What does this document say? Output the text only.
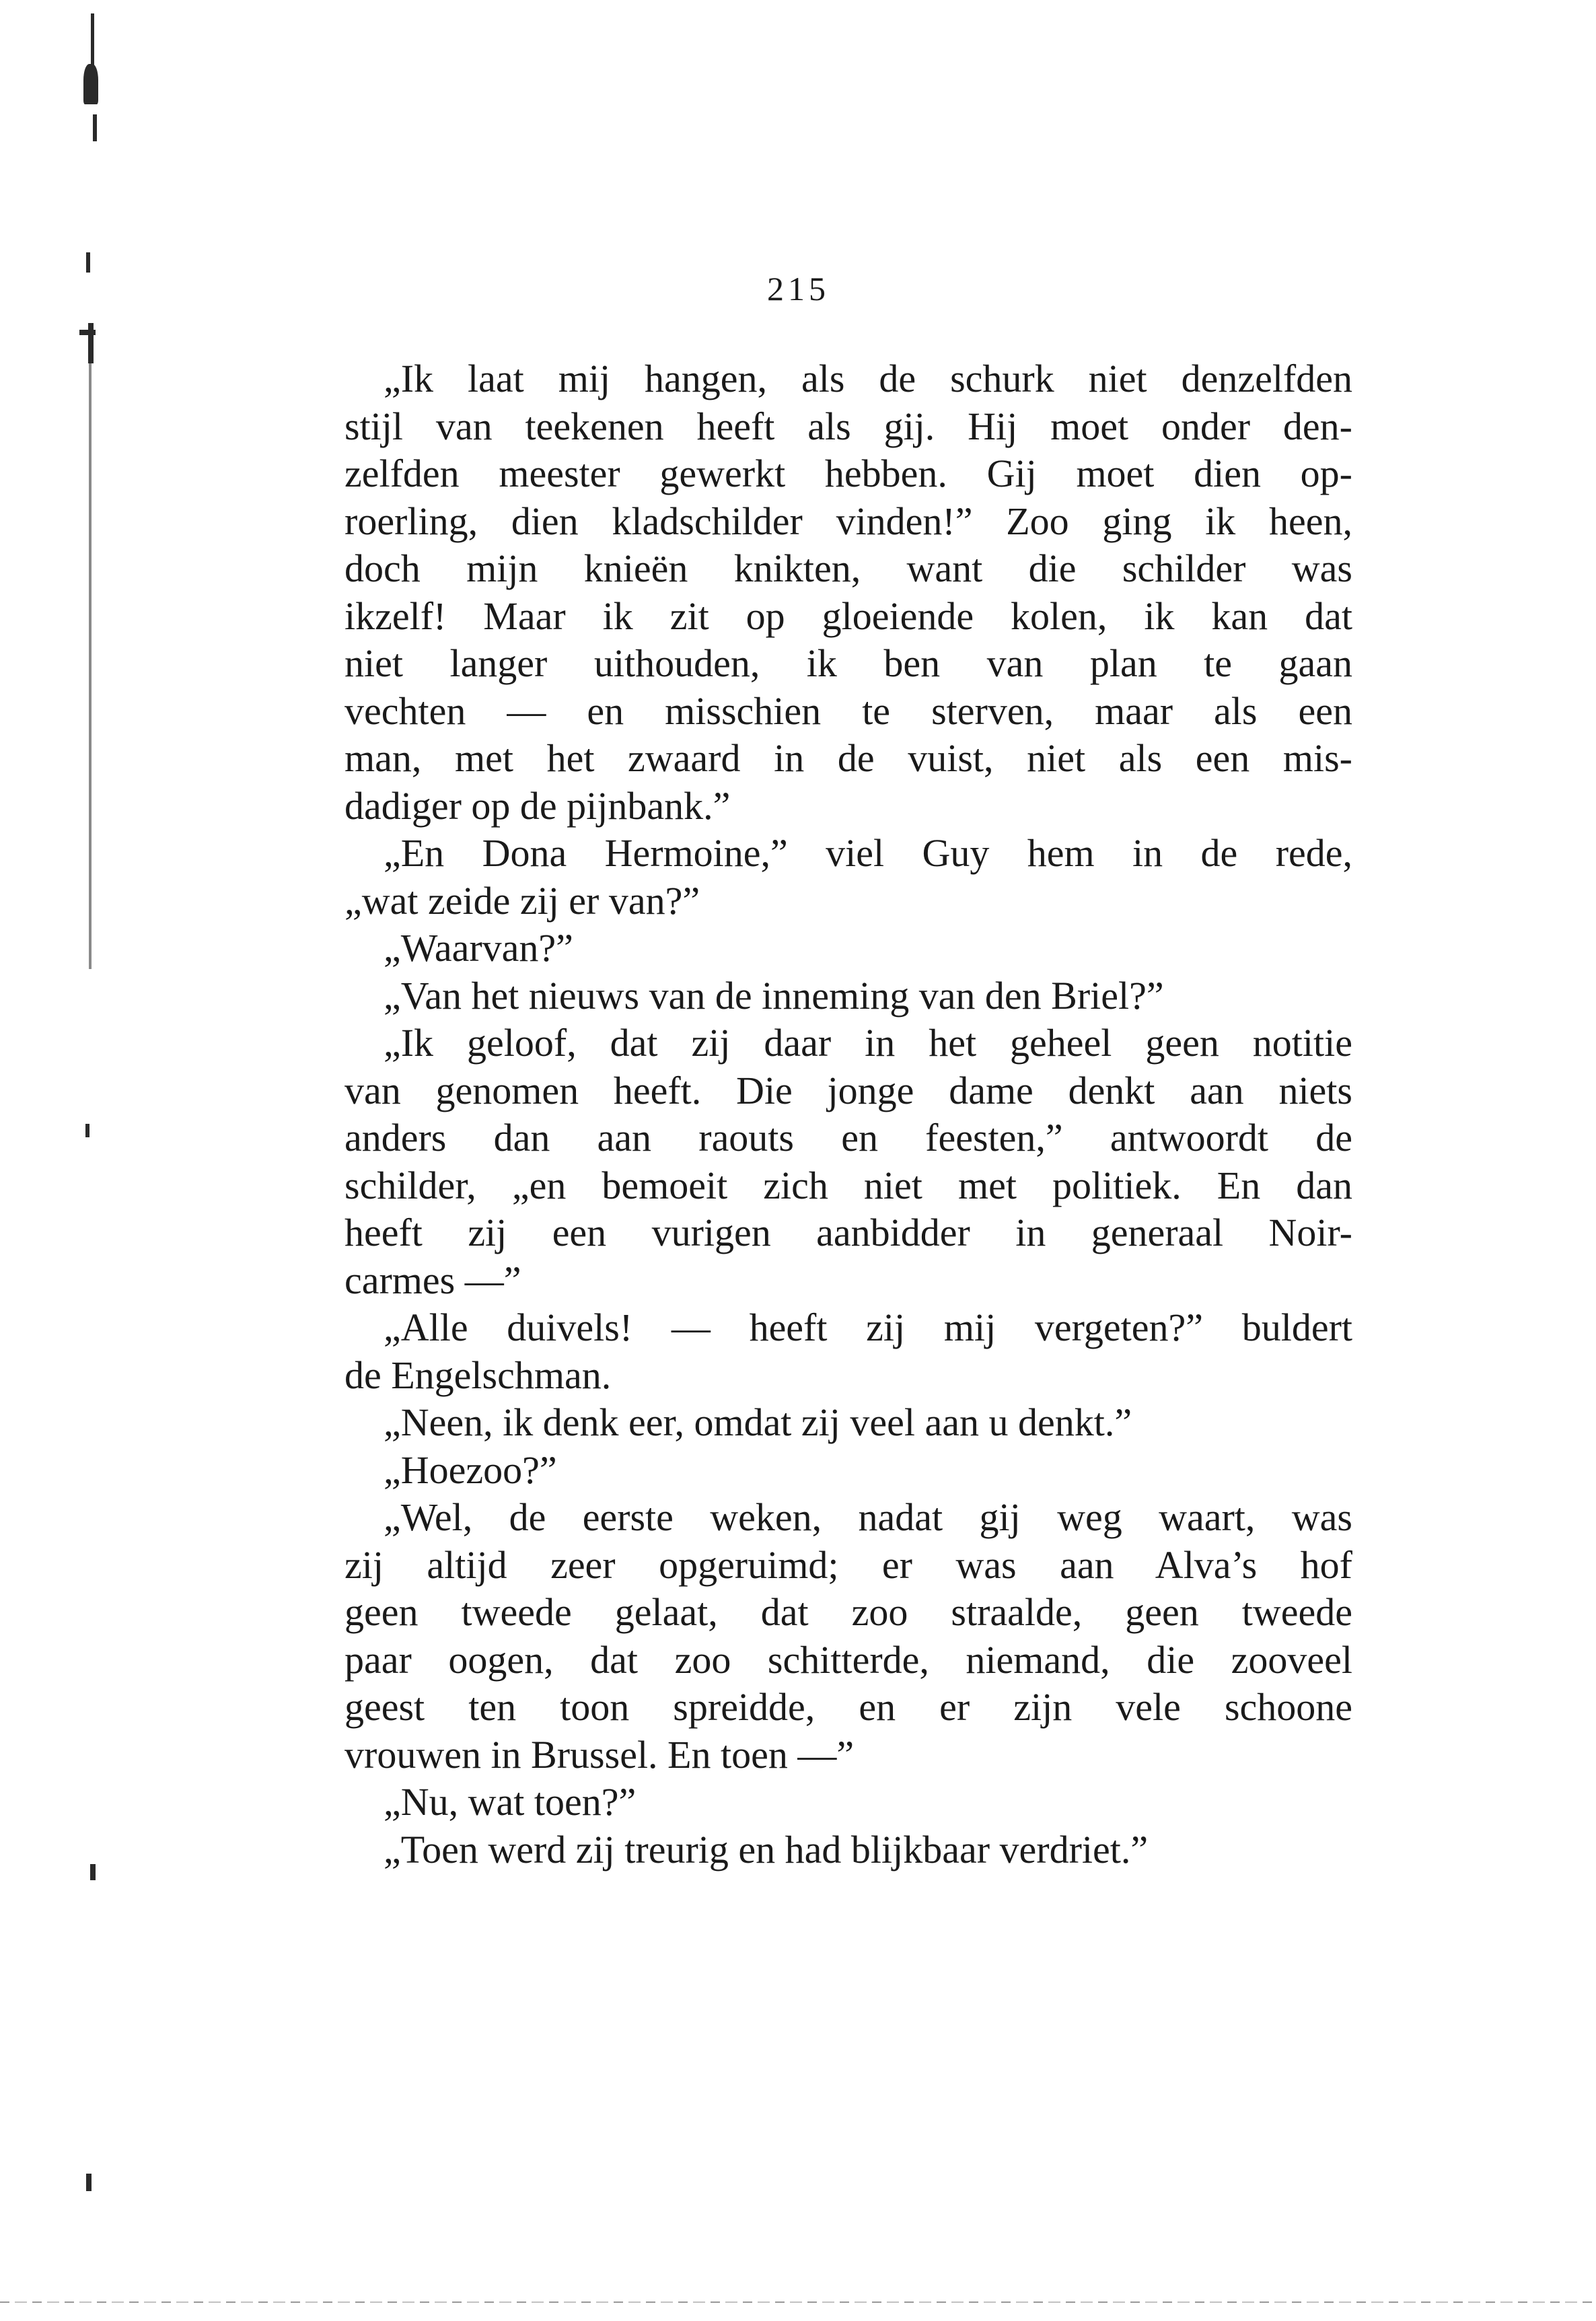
215
„Ik laat mij hangen, als de schurk niet denzelfden
stijl van teekenen heeft als gij. Hij moet onder den-
zelfden meester gewerkt hebben. Gij moet dien op-
roerling, dien kladschilder vinden!” Zoo ging ik heen,
doch mijn knieën knikten, want die schilder was
ikzelf! Maar ik zit op gloeiende kolen, ik kan dat
niet langer uithouden, ik ben van plan te gaan
vechten — en misschien te sterven, maar als een
man, met het zwaard in de vuist, niet als een mis-
dadiger op de pijnbank.”
„En Dona Hermoine,” viel Guy hem in de rede,
„wat zeide zij er van?”
„Waarvan?”
„Van het nieuws van de inneming van den Briel?”
„Ik geloof, dat zij daar in het geheel geen notitie
van genomen heeft. Die jonge dame denkt aan niets
anders dan aan raouts en feesten,” antwoordt de
schilder, „en bemoeit zich niet met politiek. En dan
heeft zij een vurigen aanbidder in generaal Noir-
carmes —”
„Alle duivels! — heeft zij mij vergeten?” buldert
de Engelschman.
„Neen, ik denk eer, omdat zij veel aan u denkt.”
„Hoezoo?”
„Wel, de eerste weken, nadat gij weg waart, was
zij altijd zeer opgeruimd; er was aan Alva’s hof
geen tweede gelaat, dat zoo straalde, geen tweede
paar oogen, dat zoo schitterde, niemand, die zooveel
geest ten toon spreidde, en er zijn vele schoone
vrouwen in Brussel. En toen —”
„Nu, wat toen?”
„Toen werd zij treurig en had blijkbaar verdriet.”
